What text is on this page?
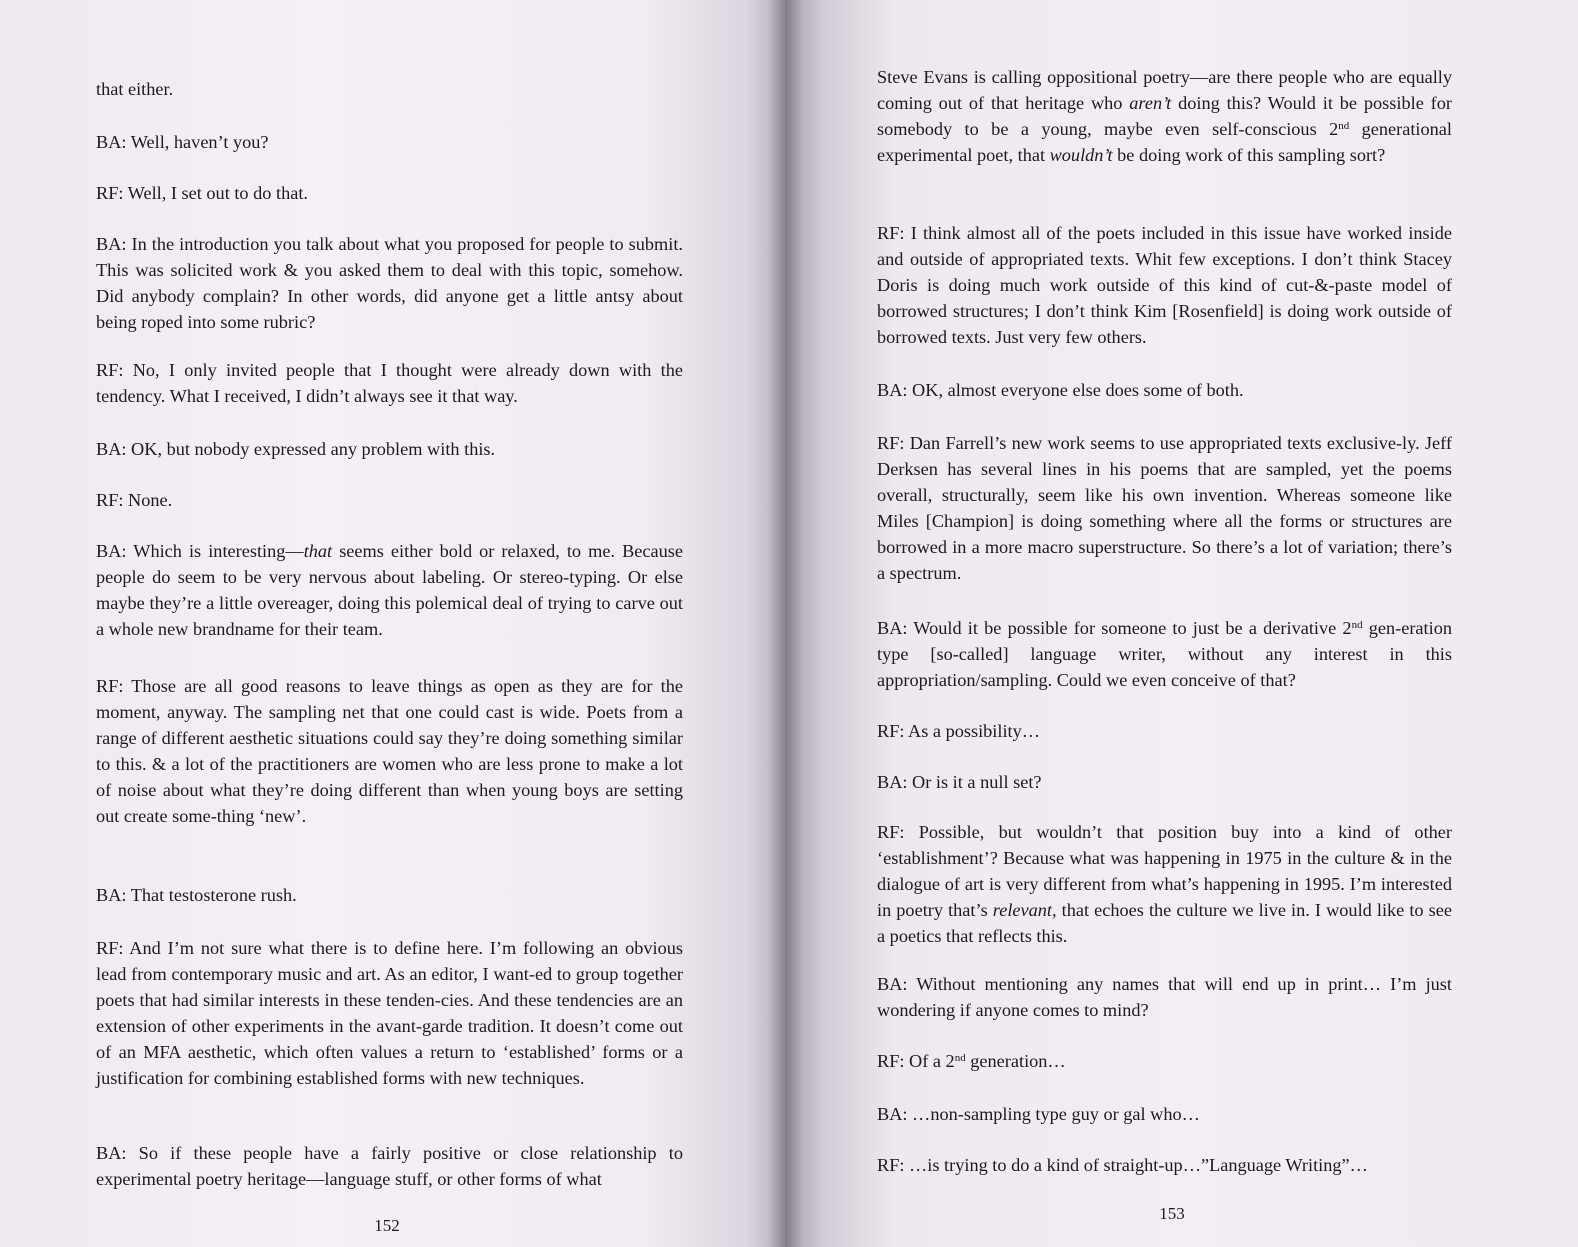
that either.

BA: Well, haven’t you?

RF: Well, I set out to do that.

BA: In the introduction you talk about what you proposed for people to submit. This was solicited work & you asked them to deal with this topic, somehow. Did anybody complain? In other words, did anyone get a little antsy about being roped into some rubric?

RF: No, I only invited people that I thought were already down with the tendency. What I received, I didn’t always see it that way.

BA: OK, but nobody expressed any problem with this.

RF: None.

BA: Which is interesting—that seems either bold or relaxed, to me. Because people do seem to be very nervous about labeling. Or stereo-typing. Or else maybe they’re a little overeager, doing this polemical deal of trying to carve out a whole new brandname for their team.

RF: Those are all good reasons to leave things as open as they are for the moment, anyway. The sampling net that one could cast is wide. Poets from a range of different aesthetic situations could say they’re doing something similar to this. & a lot of the practitioners are women who are less prone to make a lot of noise about what they’re doing different than when young boys are setting out create some-thing ‘new’.

BA: That testosterone rush.

RF: And I’m not sure what there is to define here. I’m following an obvious lead from contemporary music and art. As an editor, I want-ed to group together poets that had similar interests in these tenden-cies. And these tendencies are an extension of other experiments in the avant-garde tradition. It doesn’t come out of an MFA aesthetic, which often values a return to ‘established’ forms or a justification for combining established forms with new techniques.

BA: So if these people have a fairly positive or close relationship to experimental poetry heritage—language stuff, or other forms of what

152

Steve Evans is calling oppositional poetry—are there people who are equally coming out of that heritage who aren’t doing this? Would it be possible for somebody to be a young, maybe even self-conscious 2nd generational experimental poet, that wouldn’t be doing work of this sampling sort?

RF: I think almost all of the poets included in this issue have worked inside and outside of appropriated texts. Whit few exceptions. I don’t think Stacey Doris is doing much work outside of this kind of cut-&-paste model of borrowed structures; I don’t think Kim [Rosenfield] is doing work outside of borrowed texts. Just very few others.

BA: OK, almost everyone else does some of both.

RF: Dan Farrell’s new work seems to use appropriated texts exclusive-ly. Jeff Derksen has several lines in his poems that are sampled, yet the poems overall, structurally, seem like his own invention. Whereas someone like Miles [Champion] is doing something where all the forms or structures are borrowed in a more macro superstructure. So there’s a lot of variation; there’s a spectrum.

BA: Would it be possible for someone to just be a derivative 2nd gen-eration type [so-called] language writer, without any interest in this appropriation/sampling. Could we even conceive of that?

RF: As a possibility…

BA: Or is it a null set?

RF: Possible, but wouldn’t that position buy into a kind of other ‘establishment’? Because what was happening in 1975 in the culture & in the dialogue of art is very different from what’s happening in 1995. I’m interested in poetry that’s relevant, that echoes the culture we live in. I would like to see a poetics that reflects this.

BA: Without mentioning any names that will end up in print… I’m just wondering if anyone comes to mind?

RF: Of a 2nd generation…

BA: …non-sampling type guy or gal who…

RF: …is trying to do a kind of straight-up…”Language Writing”…

153
